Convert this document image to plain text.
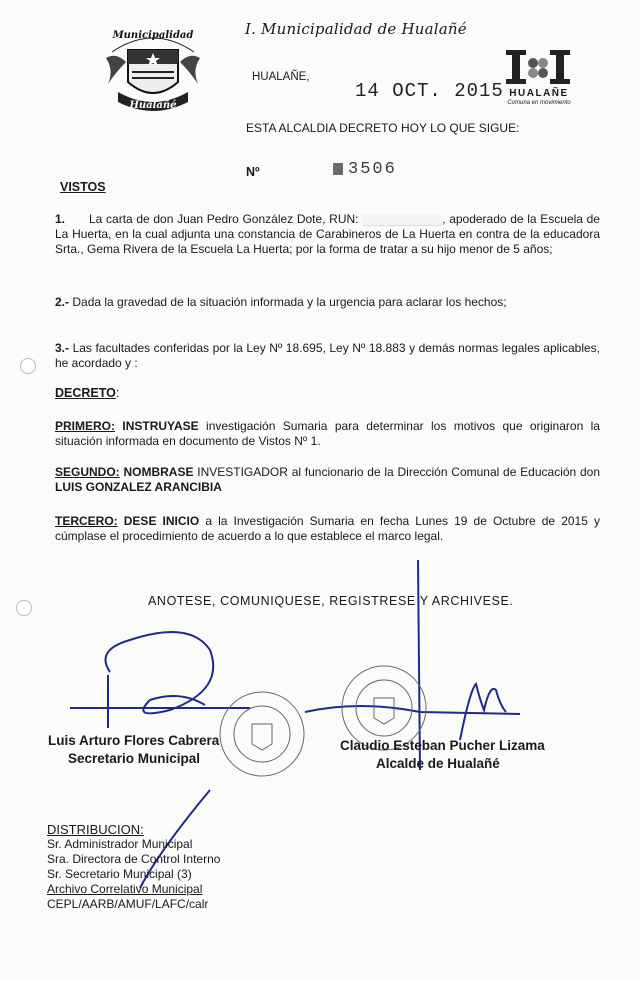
I. Municipalidad de Hualañé
Municipalidad
Hualañé
HUALAÑE
Comuna en movimiento
HUALAÑE,
14 OCT. 2015
ESTA ALCALDIA DECRETO HOY LO QUE SIGUE:
Nº	3506
VISTOS
1. La carta de don Juan Pedro González Dote, RUN:	, apoderado de la Escuela de La Huerta, en la cual adjunta una constancia de Carabineros de La Huerta en contra de la educadora Srta., Gema Rivera de la Escuela La Huerta; por la forma de tratar a su hijo menor de 5 años;
2.- Dada la gravedad de la situación informada y la urgencia para aclarar los hechos;
3.- Las facultades conferidas por la Ley Nº 18.695, Ley Nº 18.883 y demás normas legales aplicables, he acordado y :
DECRETO:
PRIMERO: INSTRUYASE investigación Sumaria para determinar los motivos que originaron la situación informada en documento de Vistos Nº 1.
SEGUNDO: NOMBRASE INVESTIGADOR al funcionario de la Dirección Comunal de Educación don LUIS GONZALEZ ARANCIBIA
TERCERO: DESE INICIO a la Investigación Sumaria en fecha Lunes 19 de Octubre de 2015 y cúmplase el procedimiento de acuerdo a lo que establece el marco legal.
ANOTESE, COMUNIQUESE, REGISTRESE Y ARCHIVESE.
Luis Arturo Flores Cabrera
Secretario Municipal
Claudio Esteban Pucher Lizama
Alcalde de Hualañé
DISTRIBUCION:
Sr. Administrador Municipal
Sra. Directora de Control Interno
Sr. Secretario Municipal (3)
Archivo Correlativo Municipal
CEPL/AARB/AMUF/LAFC/calr
